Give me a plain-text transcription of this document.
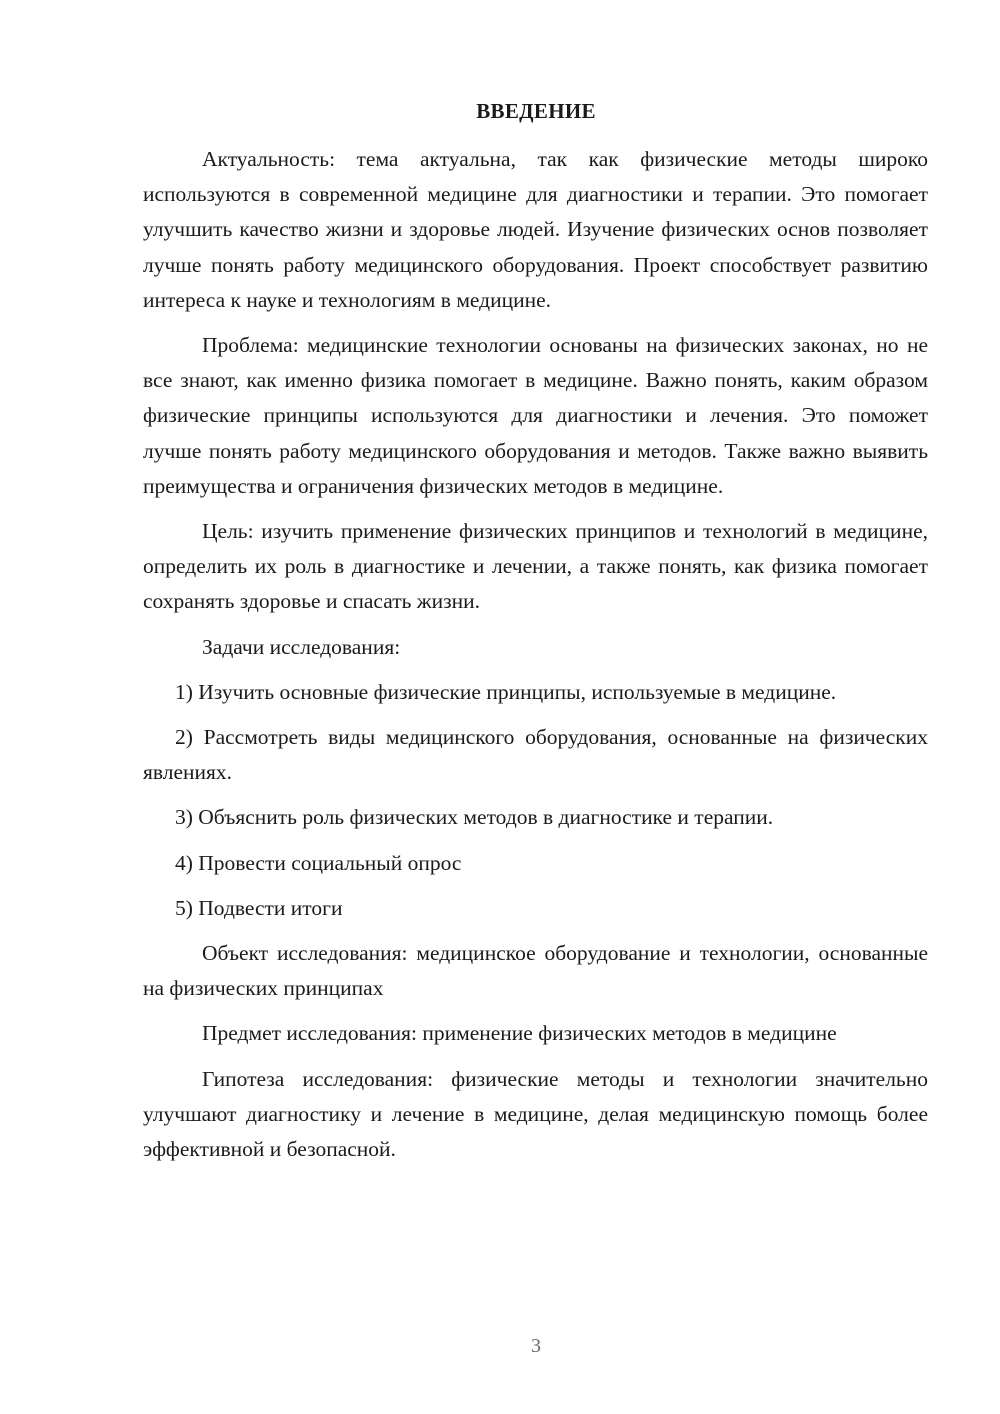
ВВЕДЕНИЕ

Актуальность: тема актуальна, так как физические методы широко используются в современной медицине для диагностики и терапии. Это помогает улучшить качество жизни и здоровье людей. Изучение физических основ позволяет лучше понять работу медицинского оборудования. Проект способствует развитию интереса к науке и технологиям в медицине.

Проблема: медицинские технологии основаны на физических законах, но не все знают, как именно физика помогает в медицине. Важно понять, каким образом физические принципы используются для диагностики и лечения. Это поможет лучше понять работу медицинского оборудования и методов. Также важно выявить преимущества и ограничения физических методов в медицине.

Цель: изучить применение физических принципов и технологий в медицине, определить их роль в диагностике и лечении, а также понять, как физика помогает сохранять здоровье и спасать жизни.

Задачи исследования:

1) Изучить основные физические принципы, используемые в медицине.

2) Рассмотреть виды медицинского оборудования, основанные на физических явлениях.

3) Объяснить роль физических методов в диагностике и терапии.

4) Провести социальный опрос

5) Подвести итоги

Объект исследования: медицинское оборудование и технологии, основанные на физических принципах

Предмет исследования: применение физических методов в медицине

Гипотеза исследования: физические методы и технологии значительно улучшают диагностику и лечение в медицине, делая медицинскую помощь более эффективной и безопасной.

3
